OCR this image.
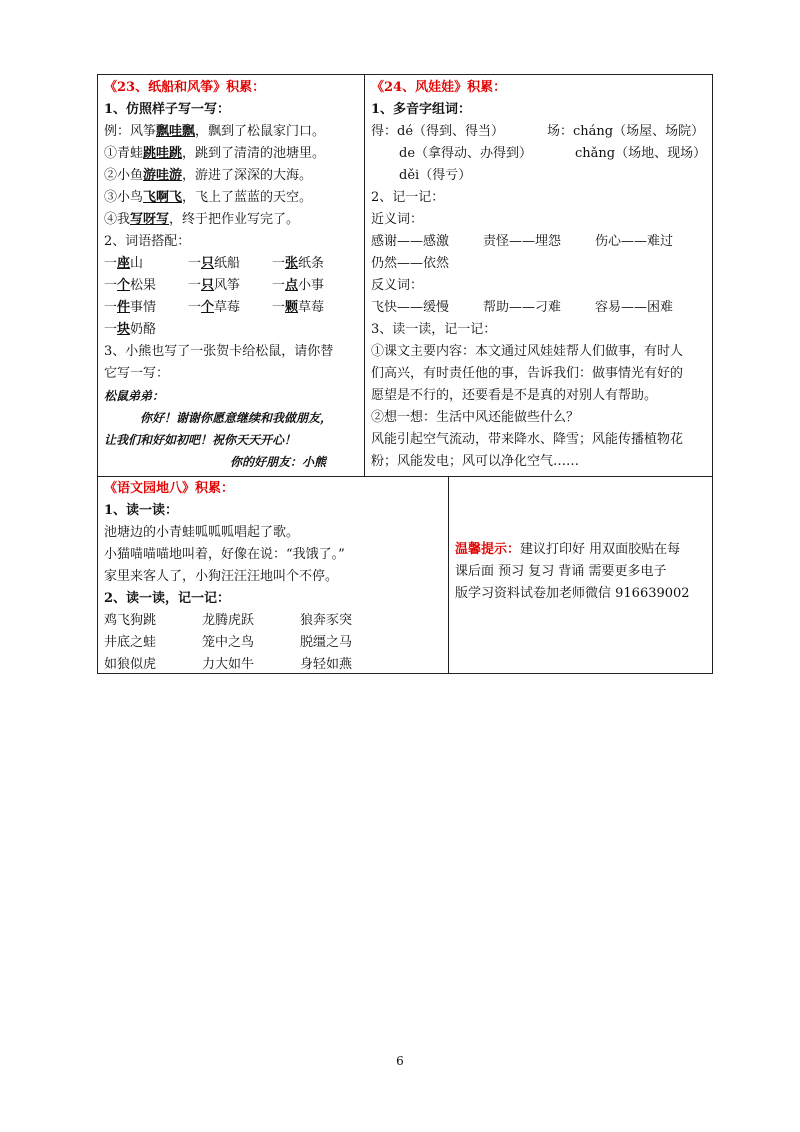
《23、纸船和风筝》积累：
1、仿照样子写一写：
例：风筝飘哇飘，飘到了松鼠家门口。
①青蛙跳哇跳，跳到了清清的池塘里。
②小鱼游哇游，游进了深深的大海。
③小鸟飞啊飞，飞上了蓝蓝的天空。
④我写呀写，终于把作业写完了。
2、词语搭配：
一座山	一只纸船 一张纸条
一个松果 一只风筝 一点小事
一件事情 一个草莓 一颗草莓
一块奶酪
3、小熊也写了一张贺卡给松鼠，请你替
它写一写：
松鼠弟弟：
你好！谢谢你愿意继续和我做朋友，
让我们和好如初吧！祝你天天开心！
你的好朋友：小熊
《24、风娃娃》积累：
1、多音字组词：
得：dé（得到、得当）	场：cháng（场屋、场院）
de（拿得动、办得到）	chǎng（场地、现场）
děi（得亏）
2、记一记：
近义词：
感谢——感激	责怪——埋怨	伤心——难过
仍然——依然
反义词：
飞快——缓慢	帮助——刁难	容易——困难
3、读一读，记一记：
①课文主要内容：本文通过风娃娃帮人们做事，有时人
们高兴，有时责任他的事，告诉我们：做事情光有好的
愿望是不行的，还要看是不是真的对别人有帮助。
②想一想：生活中风还能做些什么？
风能引起空气流动，带来降水、降雪；风能传播植物花
粉；风能发电；风可以净化空气……
《语文园地八》积累：
1、读一读：
池塘边的小青蛙呱呱呱唱起了歌。
小猫喵喵喵地叫着，好像在说：“我饿了。”
家里来客人了，小狗汪汪汪地叫个不停。
2、读一读，记一记：
鸡飞狗跳	龙腾虎跃	狼奔豕突
井底之蛙	笼中之鸟	脱缰之马
如狼似虎	力大如牛	身轻如燕
温馨提示：建议打印好 用双面胶贴在每
课后面 预习 复习 背诵 需要更多电子
版学习资料试卷加老师微信 916639002
6
